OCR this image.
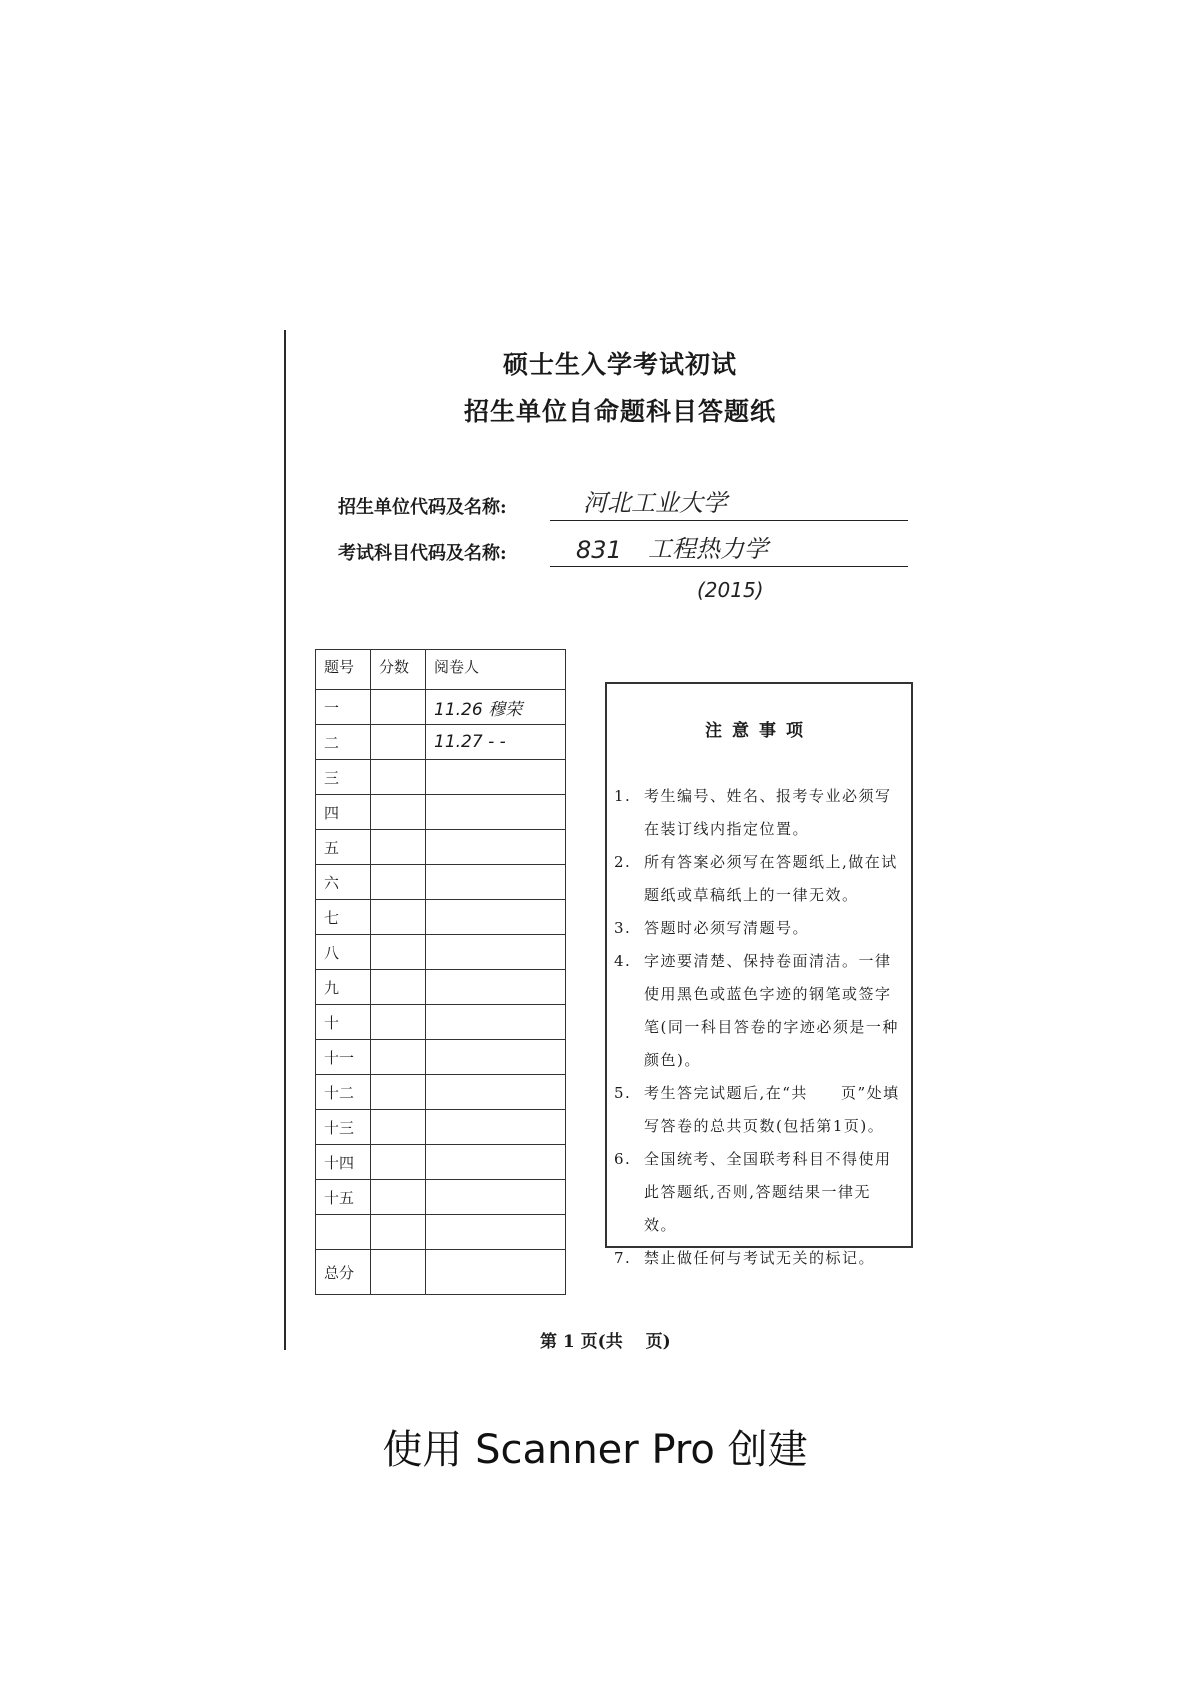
硕士生入学考试初试
招生单位自命题科目答题纸
招生单位代码及名称:	河北工业大学
考试科目代码及名称:	831 工程热力学
(2015)
题号	分数	阅卷人
一		11.26 穆荣
二		11.27 - -
三		
四		
五		
六		
七		
八		
九		
十		
十一		
十二		
十三		
十四		
十五		

总分		
注意事项
1. 考生编号、姓名、报考专业必须写在装订线内指定位置。
2. 所有答案必须写在答题纸上,做在试题纸或草稿纸上的一律无效。
3. 答题时必须写清题号。
4. 字迹要清楚、保持卷面清洁。一律使用黑色或蓝色字迹的钢笔或签字笔(同一科目答卷的字迹必须是一种颜色)。
5. 考生答完试题后,在“共　　页”处填写答卷的总共页数(包括第1页)。
6. 全国统考、全国联考科目不得使用此答题纸,否则,答题结果一律无效。
7. 禁止做任何与考试无关的标记。
第 1 页(共　 页)
使用 Scanner Pro 创建
